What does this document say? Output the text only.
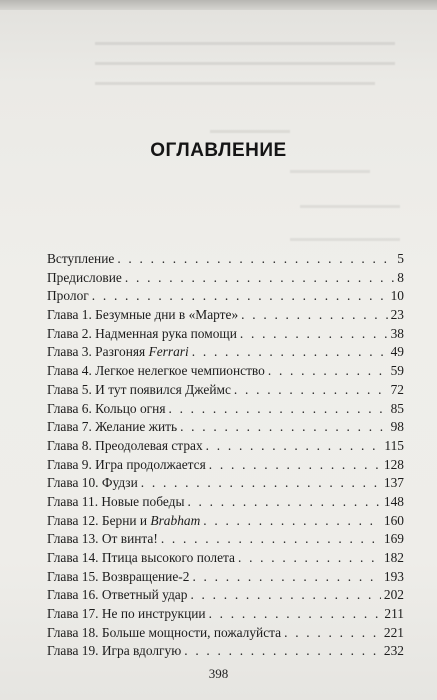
ОГЛАВЛЕНИЕ
Вступление . . .	5
Предисловие . . .	8
Пролог . . .	10
Глава 1. Безумные дни в «Марте» . . .	23
Глава 2. Надменная рука помощи . . .	38
Глава 3. Разгоняя Ferrari . . .	49
Глава 4. Легкое нелегкое чемпионство . . .	59
Глава 5. И тут появился Джеймс . . .	72
Глава 6. Кольцо огня . . .	85
Глава 7. Желание жить . . .	98
Глава 8. Преодолевая страх . . .	115
Глава 9. Игра продолжается . . .	128
Глава 10. Фудзи . . .	137
Глава 11. Новые победы . . .	148
Глава 12. Берни и Brabham . . .	160
Глава 13. От винта! . . .	169
Глава 14. Птица высокого полета . . .	182
Глава 15. Возвращение-2 . . .	193
Глава 16. Ответный удар . . .	202
Глава 17. Не по инструкции . . .	211
Глава 18. Больше мощности, пожалуйста . . .	221
Глава 19. Игра вдолгую . . .	232
398
